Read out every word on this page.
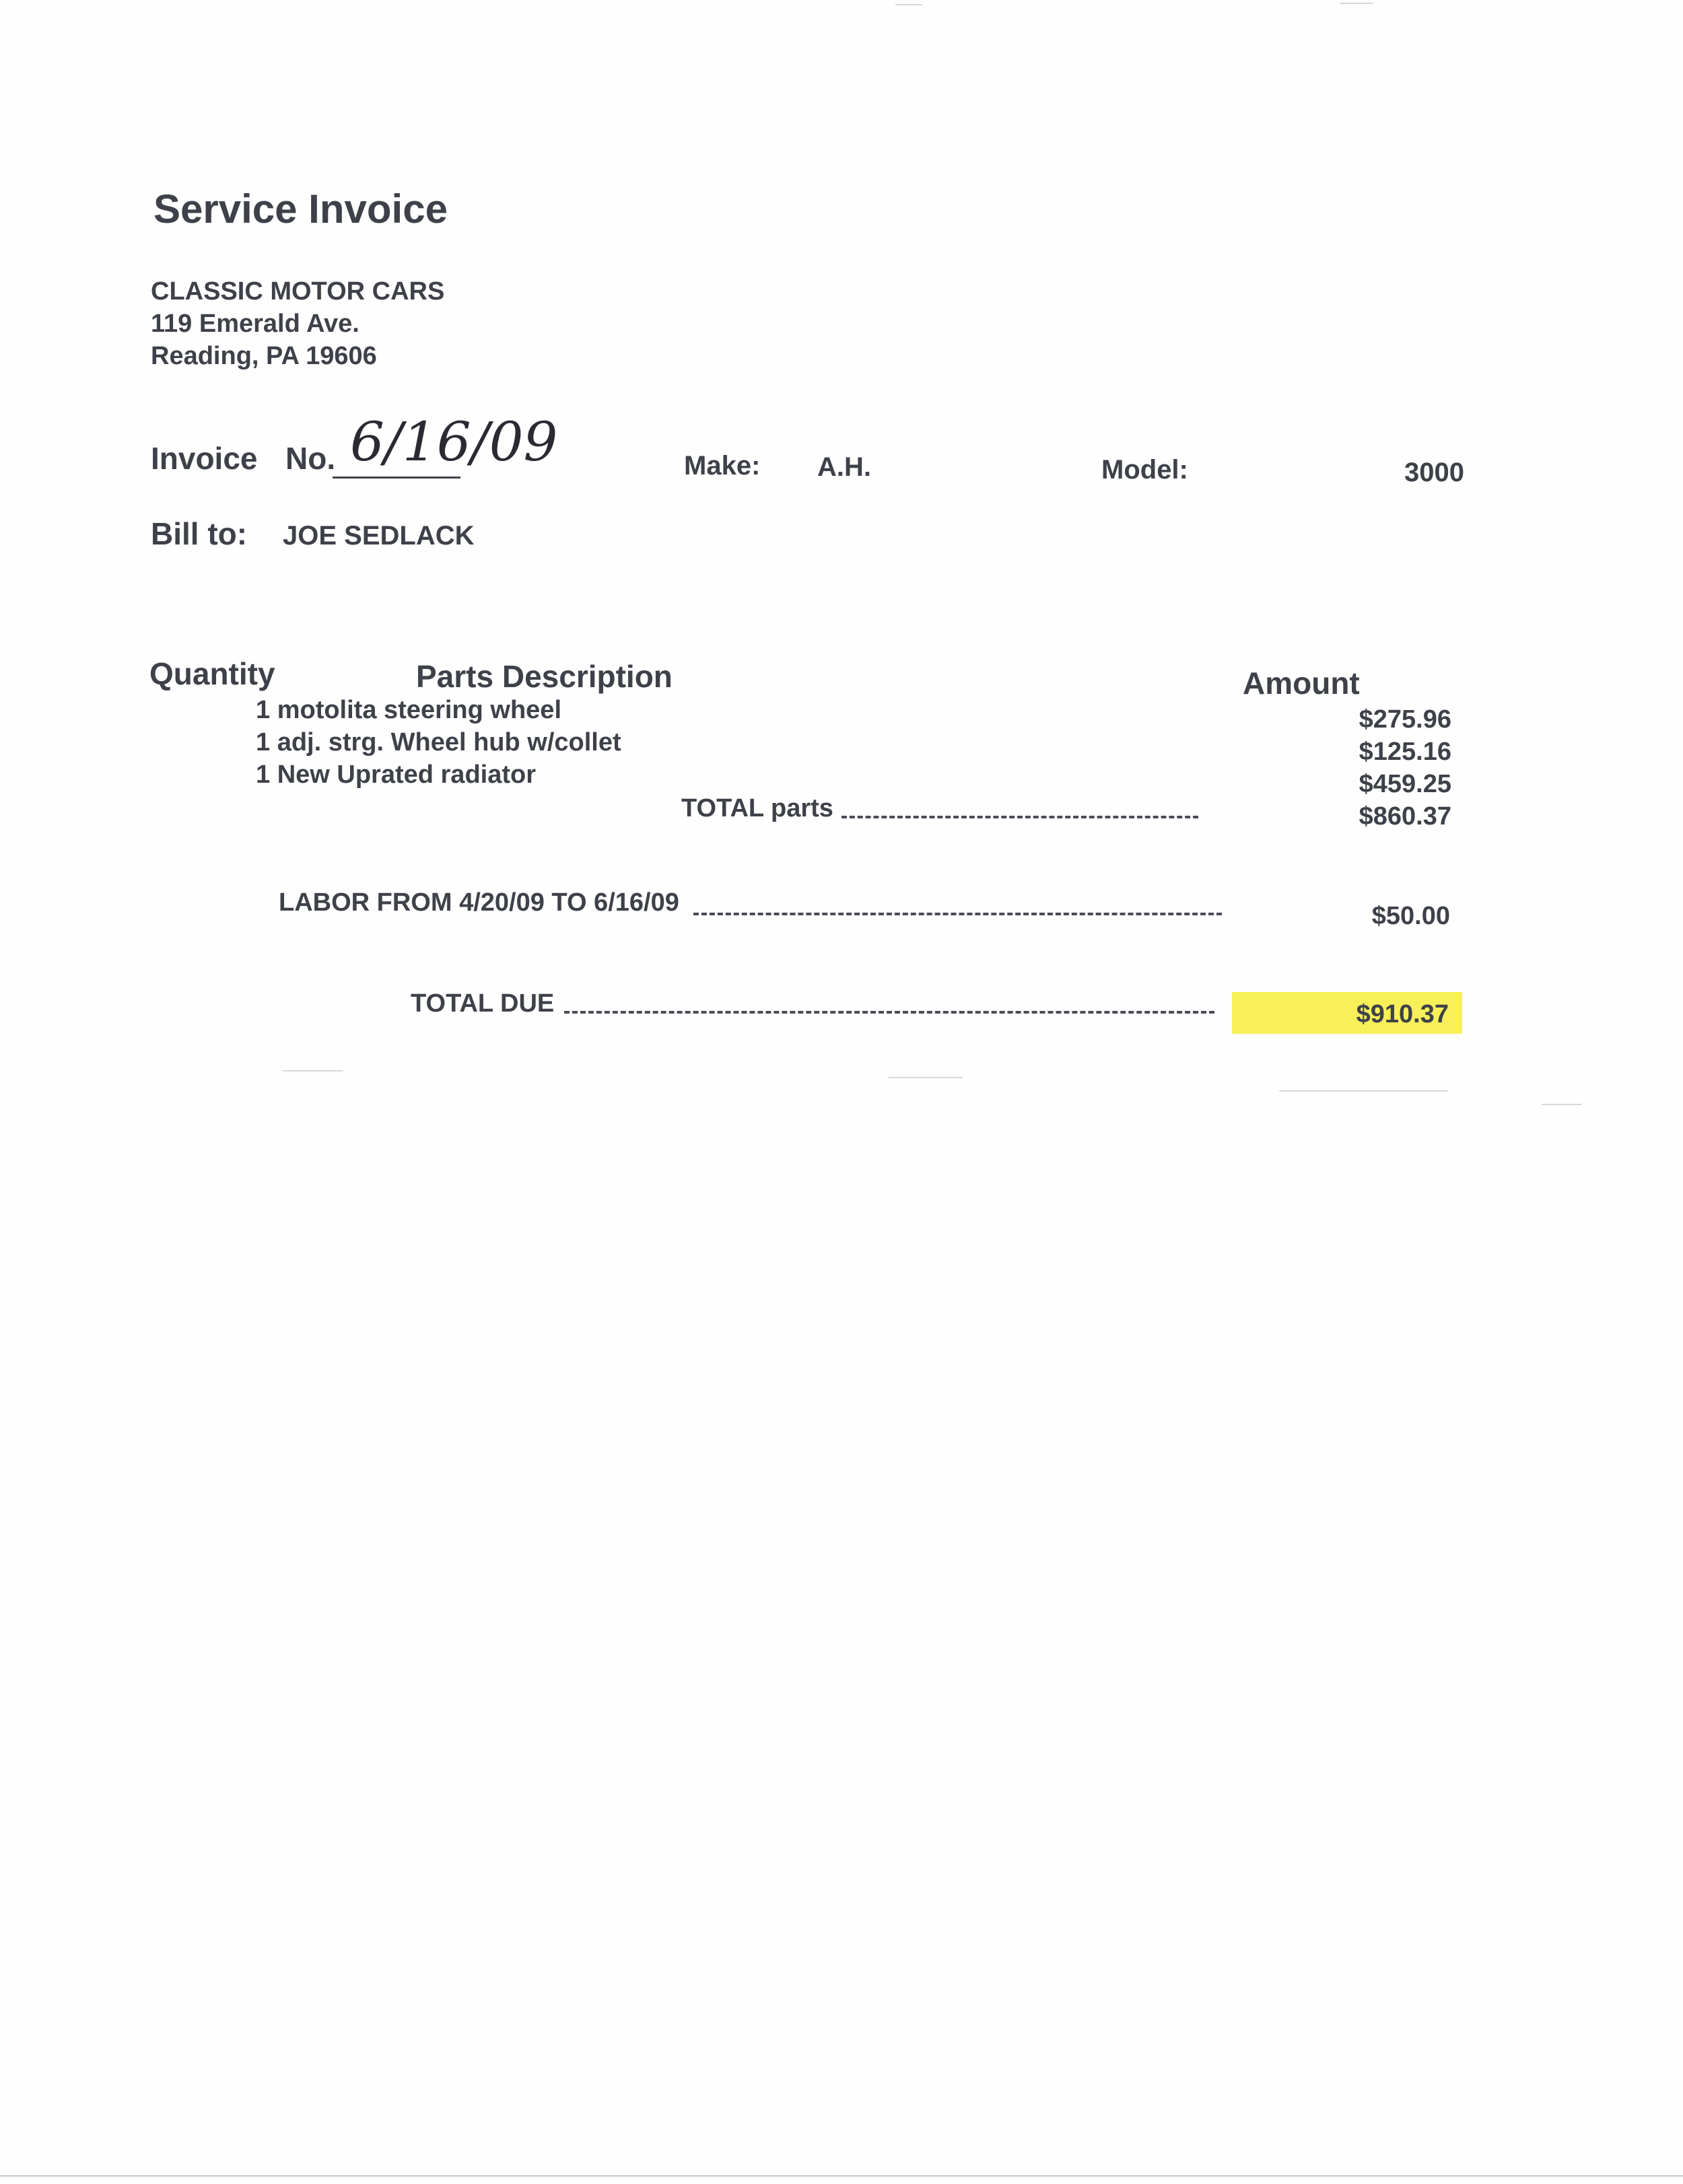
Service Invoice
CLASSIC MOTOR CARS
119 Emerald Ave.
Reading, PA 19606
Invoice No. 6/16/09	Make: A.H.	Model:	3000
Bill to: JOE SEDLACK
Quantity	Parts Description	Amount
1 motolita steering wheel	$275.96
1 adj. strg. Wheel hub w/collet	$125.16
1 New Uprated radiator	$459.25
TOTAL parts	$860.37
LABOR FROM 4/20/09 TO 6/16/09	$50.00
TOTAL DUE	$910.37
